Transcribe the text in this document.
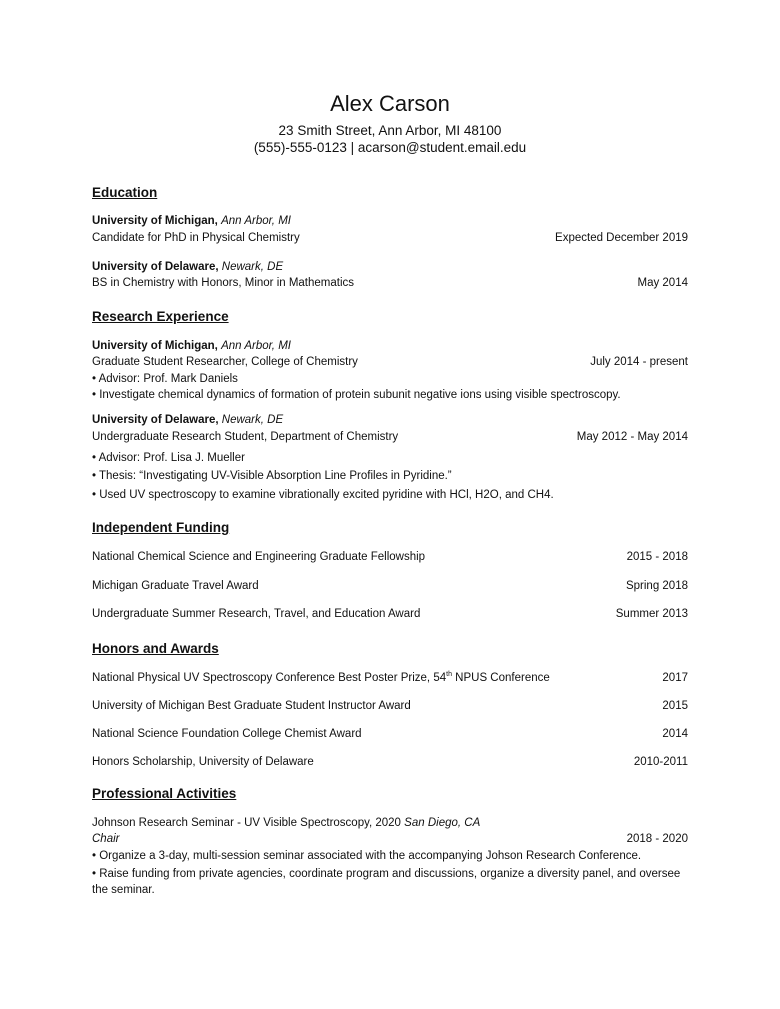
Alex Carson
23 Smith Street, Ann Arbor, MI 48100
(555)-555-0123 | acarson@student.email.edu
Education
University of Michigan, Ann Arbor, MI
Candidate for PhD in Physical Chemistry	Expected December 2019
University of Delaware, Newark, DE
BS in Chemistry with Honors, Minor in Mathematics	May 2014
Research Experience
University of Michigan, Ann Arbor, MI
Graduate Student Researcher, College of Chemistry	July 2014 - present
• Advisor: Prof. Mark Daniels
• Investigate chemical dynamics of formation of protein subunit negative ions using visible spectroscopy.
University of Delaware, Newark, DE
Undergraduate Research Student, Department of Chemistry	May 2012 - May 2014
• Advisor: Prof. Lisa J. Mueller
• Thesis: “Investigating UV-Visible Absorption Line Profiles in Pyridine.”
• Used UV spectroscopy to examine vibrationally excited pyridine with HCl, H2O, and CH4.
Independent Funding
National Chemical Science and Engineering Graduate Fellowship	2015 - 2018
Michigan Graduate Travel Award	Spring 2018
Undergraduate Summer Research, Travel, and Education Award	Summer 2013
Honors and Awards
National Physical UV Spectroscopy Conference Best Poster Prize, 54th NPUS Conference	2017
University of Michigan Best Graduate Student Instructor Award	2015
National Science Foundation College Chemist Award	2014
Honors Scholarship, University of Delaware	2010-2011
Professional Activities
Johnson Research Seminar - UV Visible Spectroscopy, 2020 San Diego, CA
Chair	2018 - 2020
• Organize a 3-day, multi-session seminar associated with the accompanying Johson Research Conference.
• Raise funding from private agencies, coordinate program and discussions, organize a diversity panel, and oversee the seminar.
